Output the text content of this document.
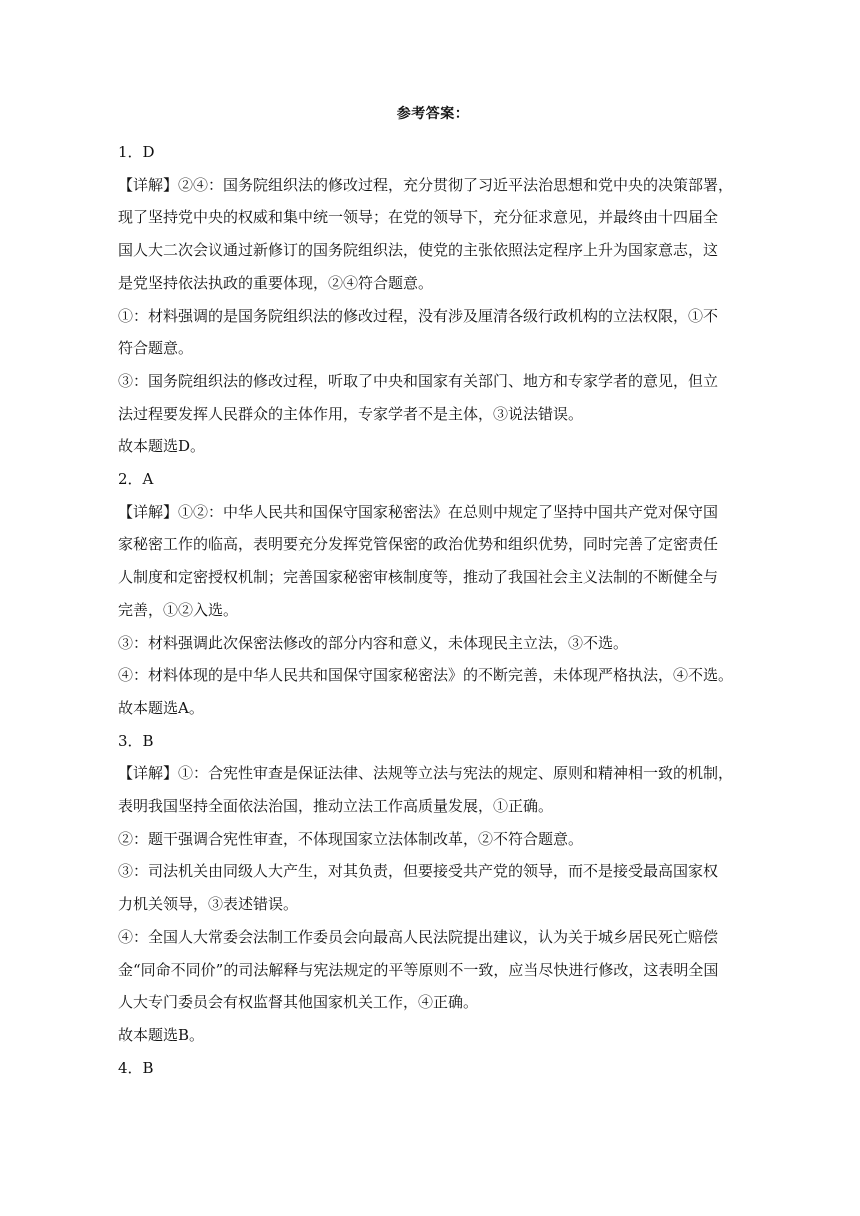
参考答案：

1．D

【详解】②④：国务院组织法的修改过程，充分贯彻了习近平法治思想和党中央的决策部署，

现了坚持党中央的权威和集中统一领导；在党的领导下，充分征求意见，并最终由十四届全

国人大二次会议通过新修订的国务院组织法，使党的主张依照法定程序上升为国家意志，这

是党坚持依法执政的重要体现，②④符合题意。

①：材料强调的是国务院组织法的修改过程，没有涉及厘清各级行政机构的立法权限，①不

符合题意。

③：国务院组织法的修改过程，听取了中央和国家有关部门、地方和专家学者的意见，但立

法过程要发挥人民群众的主体作用，专家学者不是主体，③说法错误。

故本题选D。

2．A

【详解】①②：中华人民共和国保守国家秘密法》在总则中规定了坚持中国共产党对保守国

家秘密工作的临高，表明要充分发挥党管保密的政治优势和组织优势，同时完善了定密责任

人制度和定密授权机制；完善国家秘密审核制度等，推动了我国社会主义法制的不断健全与

完善，①②入选。

③：材料强调此次保密法修改的部分内容和意义，未体现民主立法，③不选。

④：材料体现的是中华人民共和国保守国家秘密法》的不断完善，未体现严格执法，④不选。

故本题选A。

3．B

【详解】①：合宪性审查是保证法律、法规等立法与宪法的规定、原则和精神相一致的机制，

表明我国坚持全面依法治国，推动立法工作高质量发展，①正确。

②：题干强调合宪性审查，不体现国家立法体制改革，②不符合题意。

③：司法机关由同级人大产生，对其负责，但要接受共产党的领导，而不是接受最高国家权

力机关领导，③表述错误。

④：全国人大常委会法制工作委员会向最高人民法院提出建议，认为关于城乡居民死亡赔偿

金“同命不同价”的司法解释与宪法规定的平等原则不一致，应当尽快进行修改，这表明全国

人大专门委员会有权监督其他国家机关工作，④正确。

故本题选B。

4．B
